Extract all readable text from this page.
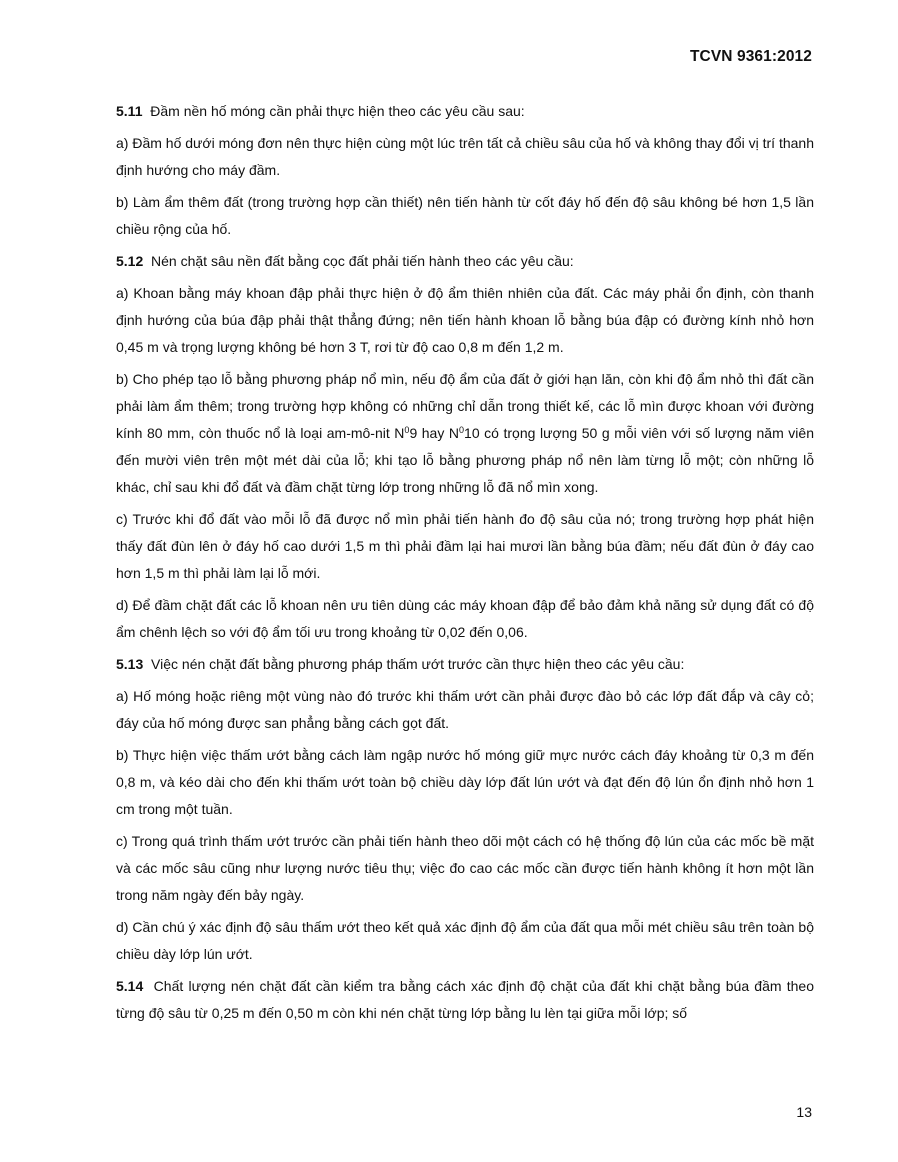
TCVN 9361:2012

5.11 Đầm nền hố móng cần phải thực hiện theo các yêu cầu sau:

a) Đầm hố dưới móng đơn nên thực hiện cùng một lúc trên tất cả chiều sâu của hố và không thay đổi vị trí thanh định hướng cho máy đầm.

b) Làm ẩm thêm đất (trong trường hợp cần thiết) nên tiến hành từ cốt đáy hố đến độ sâu không bé hơn 1,5 lần chiều rộng của hố.

5.12 Nén chặt sâu nền đất bằng cọc đất phải tiến hành theo các yêu cầu:

a) Khoan bằng máy khoan đập phải thực hiện ở độ ẩm thiên nhiên của đất. Các máy phải ổn định, còn thanh định hướng của búa đập phải thật thẳng đứng; nên tiến hành khoan lỗ bằng búa đập có đường kính nhỏ hơn 0,45 m và trọng lượng không bé hơn 3 T, rơi từ độ cao 0,8 m đến 1,2 m.

b) Cho phép tạo lỗ bằng phương pháp nổ mìn, nếu độ ẩm của đất ở giới hạn lăn, còn khi độ ẩm nhỏ thì đất cần phải làm ẩm thêm; trong trường hợp không có những chỉ dẫn trong thiết kế, các lỗ mìn được khoan với đường kính 80 mm, còn thuốc nổ là loại am-mô-nit $N^09$ hay $N^010$ có trọng lượng 50 g mỗi viên với số lượng năm viên đến mười viên trên một mét dài của lỗ; khi tạo lỗ bằng phương pháp nổ nên làm từng lỗ một; còn những lỗ khác, chỉ sau khi đổ đất và đầm chặt từng lớp trong những lỗ đã nổ mìn xong.

c) Trước khi đổ đất vào mỗi lỗ đã được nổ mìn phải tiến hành đo độ sâu của nó; trong trường hợp phát hiện thấy đất đùn lên ở đáy hố cao dưới 1,5 m thì phải đầm lại hai mươi lần bằng búa đầm; nếu đất đùn ở đáy cao hơn 1,5 m thì phải làm lại lỗ mới.

d) Để đầm chặt đất các lỗ khoan nên ưu tiên dùng các máy khoan đập để bảo đảm khả năng sử dụng đất có độ ẩm chênh lệch so với độ ẩm tối ưu trong khoảng từ 0,02 đến 0,06.

5.13 Việc nén chặt đất bằng phương pháp thấm ướt trước cần thực hiện theo các yêu cầu:

a) Hố móng hoặc riêng một vùng nào đó trước khi thấm ướt cần phải được đào bỏ các lớp đất đắp và cây cỏ; đáy của hố móng được san phẳng bằng cách gọt đất.

b) Thực hiện việc thấm ướt bằng cách làm ngập nước hố móng giữ mực nước cách đáy khoảng từ 0,3 m đến 0,8 m, và kéo dài cho đến khi thấm ướt toàn bộ chiều dày lớp đất lún ướt và đạt đến độ lún ổn định nhỏ hơn 1 cm trong một tuần.

c) Trong quá trình thấm ướt trước cần phải tiến hành theo dõi một cách có hệ thống độ lún của các mốc bề mặt và các mốc sâu cũng như lượng nước tiêu thụ; việc đo cao các mốc cần được tiến hành không ít hơn một lần trong năm ngày đến bảy ngày.

d) Cần chú ý xác định độ sâu thấm ướt theo kết quả xác định độ ẩm của đất qua mỗi mét chiều sâu trên toàn bộ chiều dày lớp lún ướt.

5.14 Chất lượng nén chặt đất cần kiểm tra bằng cách xác định độ chặt của đất khi chặt bằng búa đầm theo từng độ sâu từ 0,25 m đến 0,50 m còn khi nén chặt từng lớp bằng lu lèn tại giữa mỗi lớp; số

13
